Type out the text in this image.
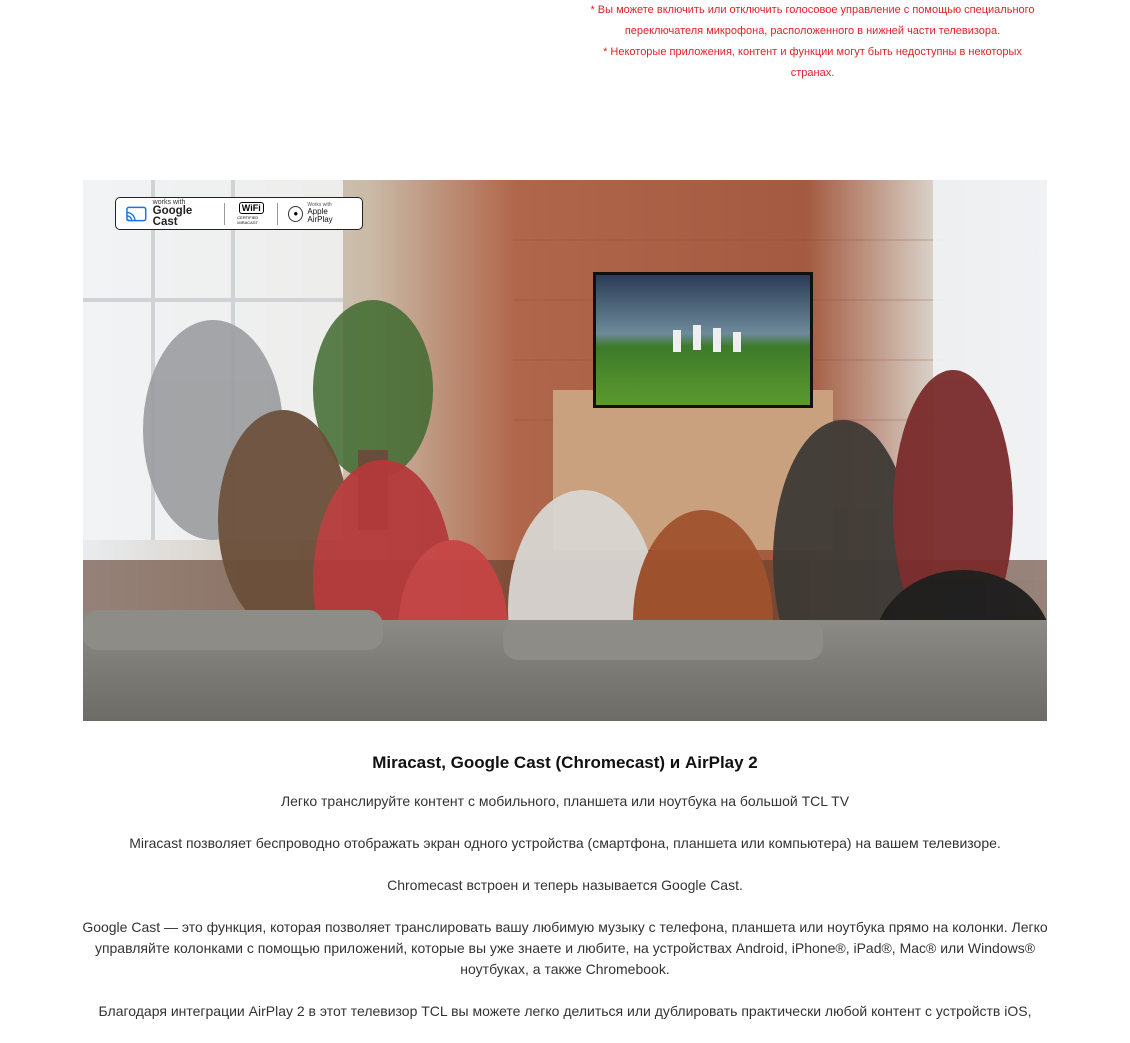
* Вы можете включить или отключить голосовое управление с помощью специального переключателя микрофона, расположенного в нижней части телевизора.

* Некоторые приложения, контент и функции могут быть недоступны в некоторых странах.

works with
Google Cast
WiFi
CERTIFIED MIRACAST
●
Works with
Apple AirPlay
Miracast, Google Cast (Chromecast) и AirPlay 2

Легко транслируйте контент с мобильного, планшета или ноутбука на большой TCL TV

Miracast позволяет беспроводно отображать экран одного устройства (смартфона, планшета или компьютера) на вашем телевизоре.

Chromecast встроен и теперь называется Google Cast.

Google Cast — это функция, которая позволяет транслировать вашу любимую музыку с телефона, планшета или ноутбука прямо на колонки. Легко управляйте колонками с помощью приложений, которые вы уже знаете и любите, на устройствах Android, iPhone®, iPad®, Mac® или Windows® ноутбуках, а также Chromebook.

Благодаря интеграции AirPlay 2 в этот телевизор TCL вы можете легко делиться или дублировать практически любой контент с устройств iOS,
